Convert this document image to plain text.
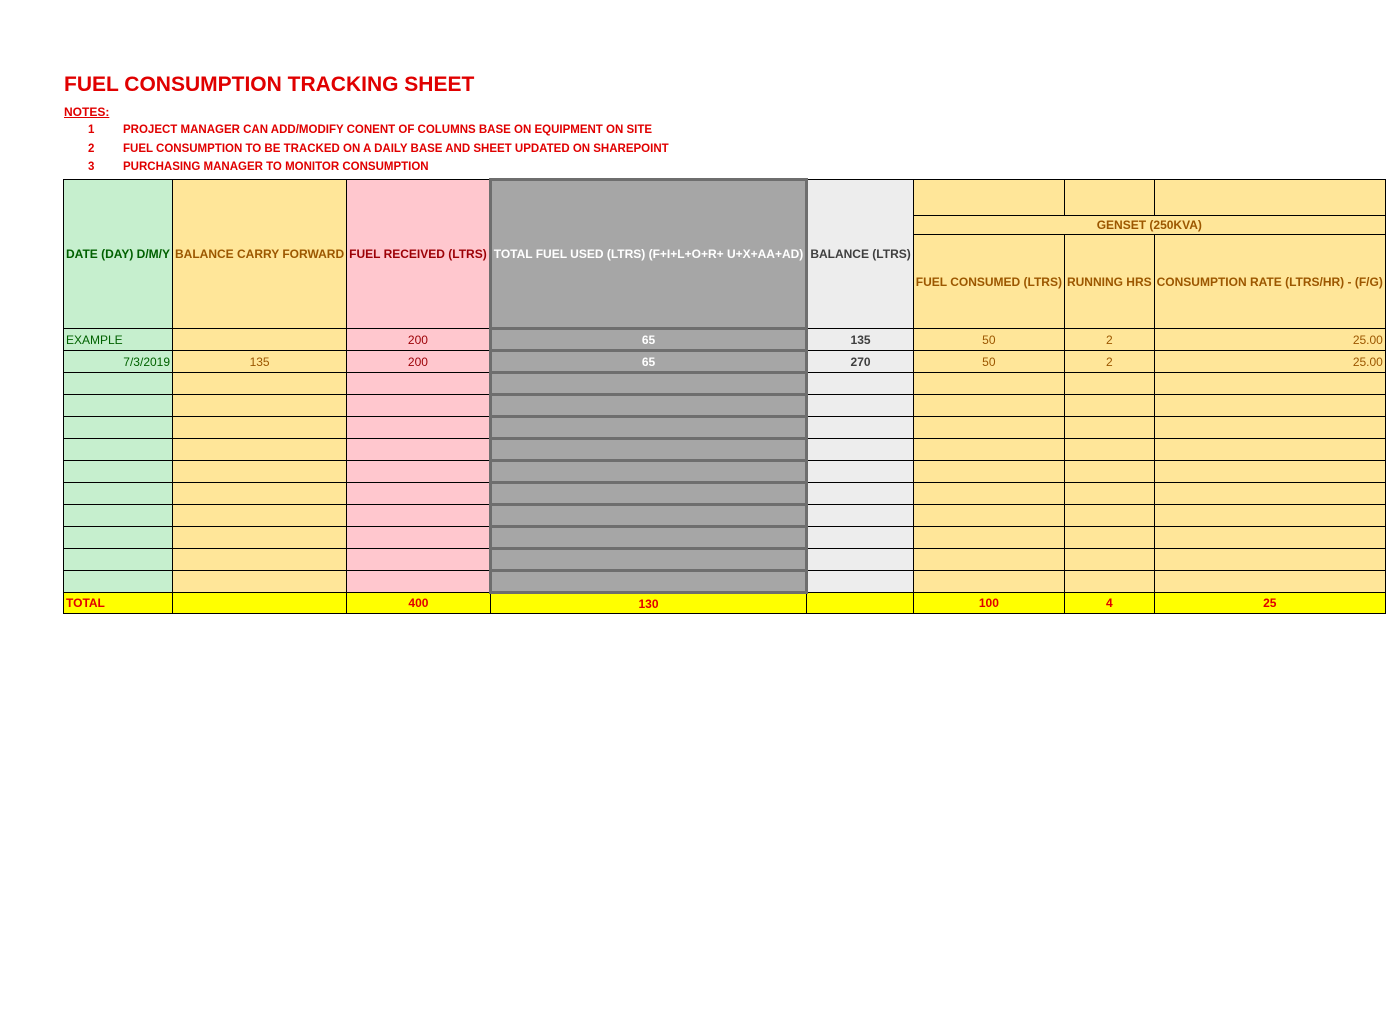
FUEL CONSUMPTION TRACKING SHEET
NOTES:
1	PROJECT MANAGER CAN ADD/MODIFY CONENT OF COLUMNS BASE ON EQUIPMENT ON SITE
2	FUEL CONSUMPTION TO BE TRACKED ON A DAILY BASE AND SHEET UPDATED ON SHAREPOINT
3	PURCHASING MANAGER TO MONITOR CONSUMPTION
DATE (DAY) D/M/Y	BALANCE CARRY FORWARD	FUEL RECEIVED (LTRS)	TOTAL FUEL USED (LTRS) (F+I+L+O+R+ U+X+AA+AD)	BALANCE (LTRS)			
					GENSET (250KVA)		
					FUEL CONSUMED (LTRS)	RUNNING HRS	CONSUMPTION RATE (LTRS/HR) - (F/G)
EXAMPLE		200	65	135	50	2	25.00
7/3/2019	135	200	65	270	50	2	25.00

TOTAL		400	130		100	4	25
